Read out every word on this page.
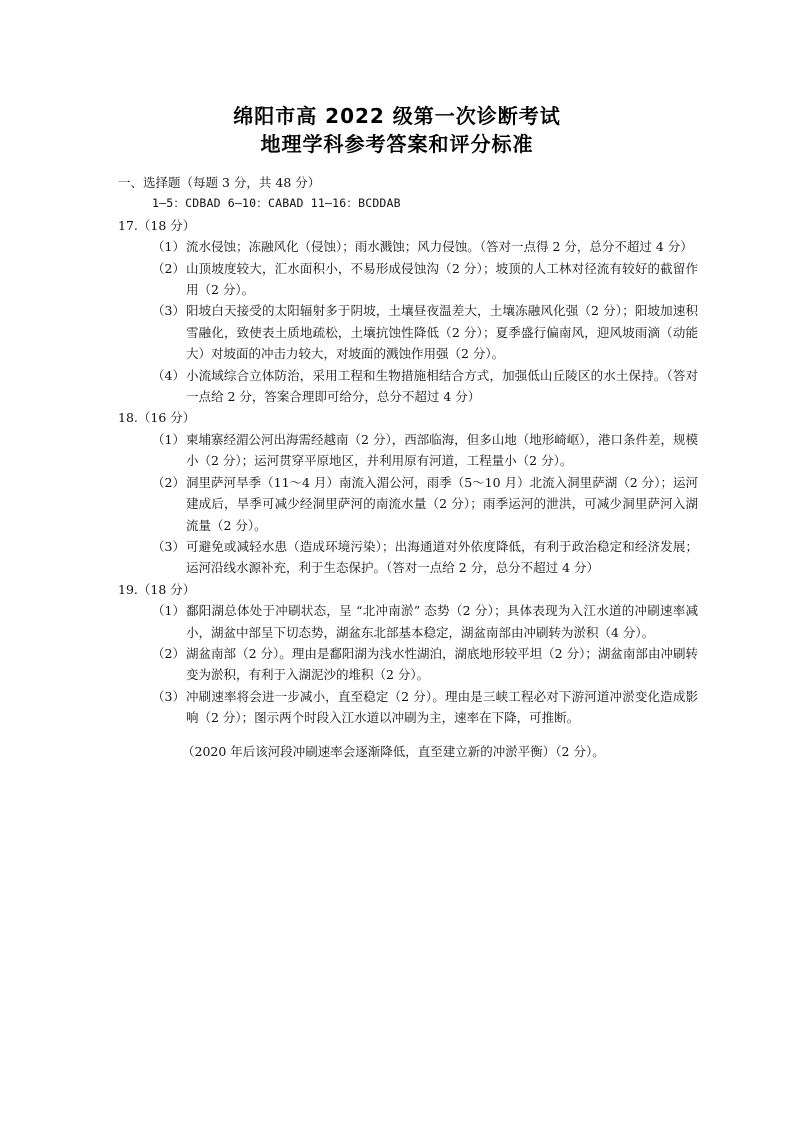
绵阳市高 2022 级第一次诊断考试
地理学科参考答案和评分标准

一、选择题（每题 3 分，共 48 分）

1—5：CDBAD 6—10：CABAD 11—16：BCDDAB

17.（18 分）

（1） 流水侵蚀；冻融风化（侵蚀）；雨水溅蚀；风力侵蚀。（答对一点得 2 分，总分不超过 4 分）
（2） 山顶坡度较大，汇水面积小，不易形成侵蚀沟（2 分）；坡顶的人工林对径流有较好的截留作用（2 分）。
（3） 阳坡白天接受的太阳辐射多于阴坡，土壤昼夜温差大，土壤冻融风化强（2 分）；阳坡加速积雪融化，致使表土质地疏松，土壤抗蚀性降低（2 分）；夏季盛行偏南风，迎风坡雨滴（动能大）对坡面的冲击力较大，对坡面的溅蚀作用强（2 分）。
（4） 小流域综合立体防治，采用工程和生物措施相结合方式，加强低山丘陵区的水土保持。（答对一点给 2 分，答案合理即可给分，总分不超过 4 分）

18.（16 分）

（1） 柬埔寨经湄公河出海需经越南（2 分），西部临海，但多山地（地形崎岖），港口条件差，规模小（2 分）；运河贯穿平原地区，并利用原有河道，工程量小（2 分）。
（2） 洞里萨河旱季（11～4 月）南流入湄公河，雨季（5～10 月）北流入洞里萨湖（2 分）；运河建成后，旱季可减少经洞里萨河的南流水量（2 分）；雨季运河的泄洪，可减少洞里萨河入湖流量（2 分）。
（3） 可避免或减轻水患（造成环境污染）；出海通道对外依度降低，有利于政治稳定和经济发展；运河沿线水源补充，利于生态保护。（答对一点给 2 分，总分不超过 4 分）

19.（18 分）

（1） 鄱阳湖总体处于冲刷状态，呈 “北冲南淤” 态势（2 分）；具体表现为入江水道的冲刷速率减小，湖盆中部呈下切态势，湖盆东北部基本稳定，湖盆南部由冲刷转为淤积（4 分）。
（2） 湖盆南部（2 分）。理由是鄱阳湖为浅水性湖泊，湖底地形较平坦（2 分）；湖盆南部由冲刷转变为淤积，有利于入湖泥沙的堆积（2 分）。
（3） 冲刷速率将会进一步减小，直至稳定（2 分）。理由是三峡工程必对下游河道冲淤变化造成影响（2 分）；图示两个时段入江水道以冲刷为主，速率在下降，可推断。

（2020 年后该河段冲刷速率会逐渐降低，直至建立新的冲淤平衡）（2 分）。
